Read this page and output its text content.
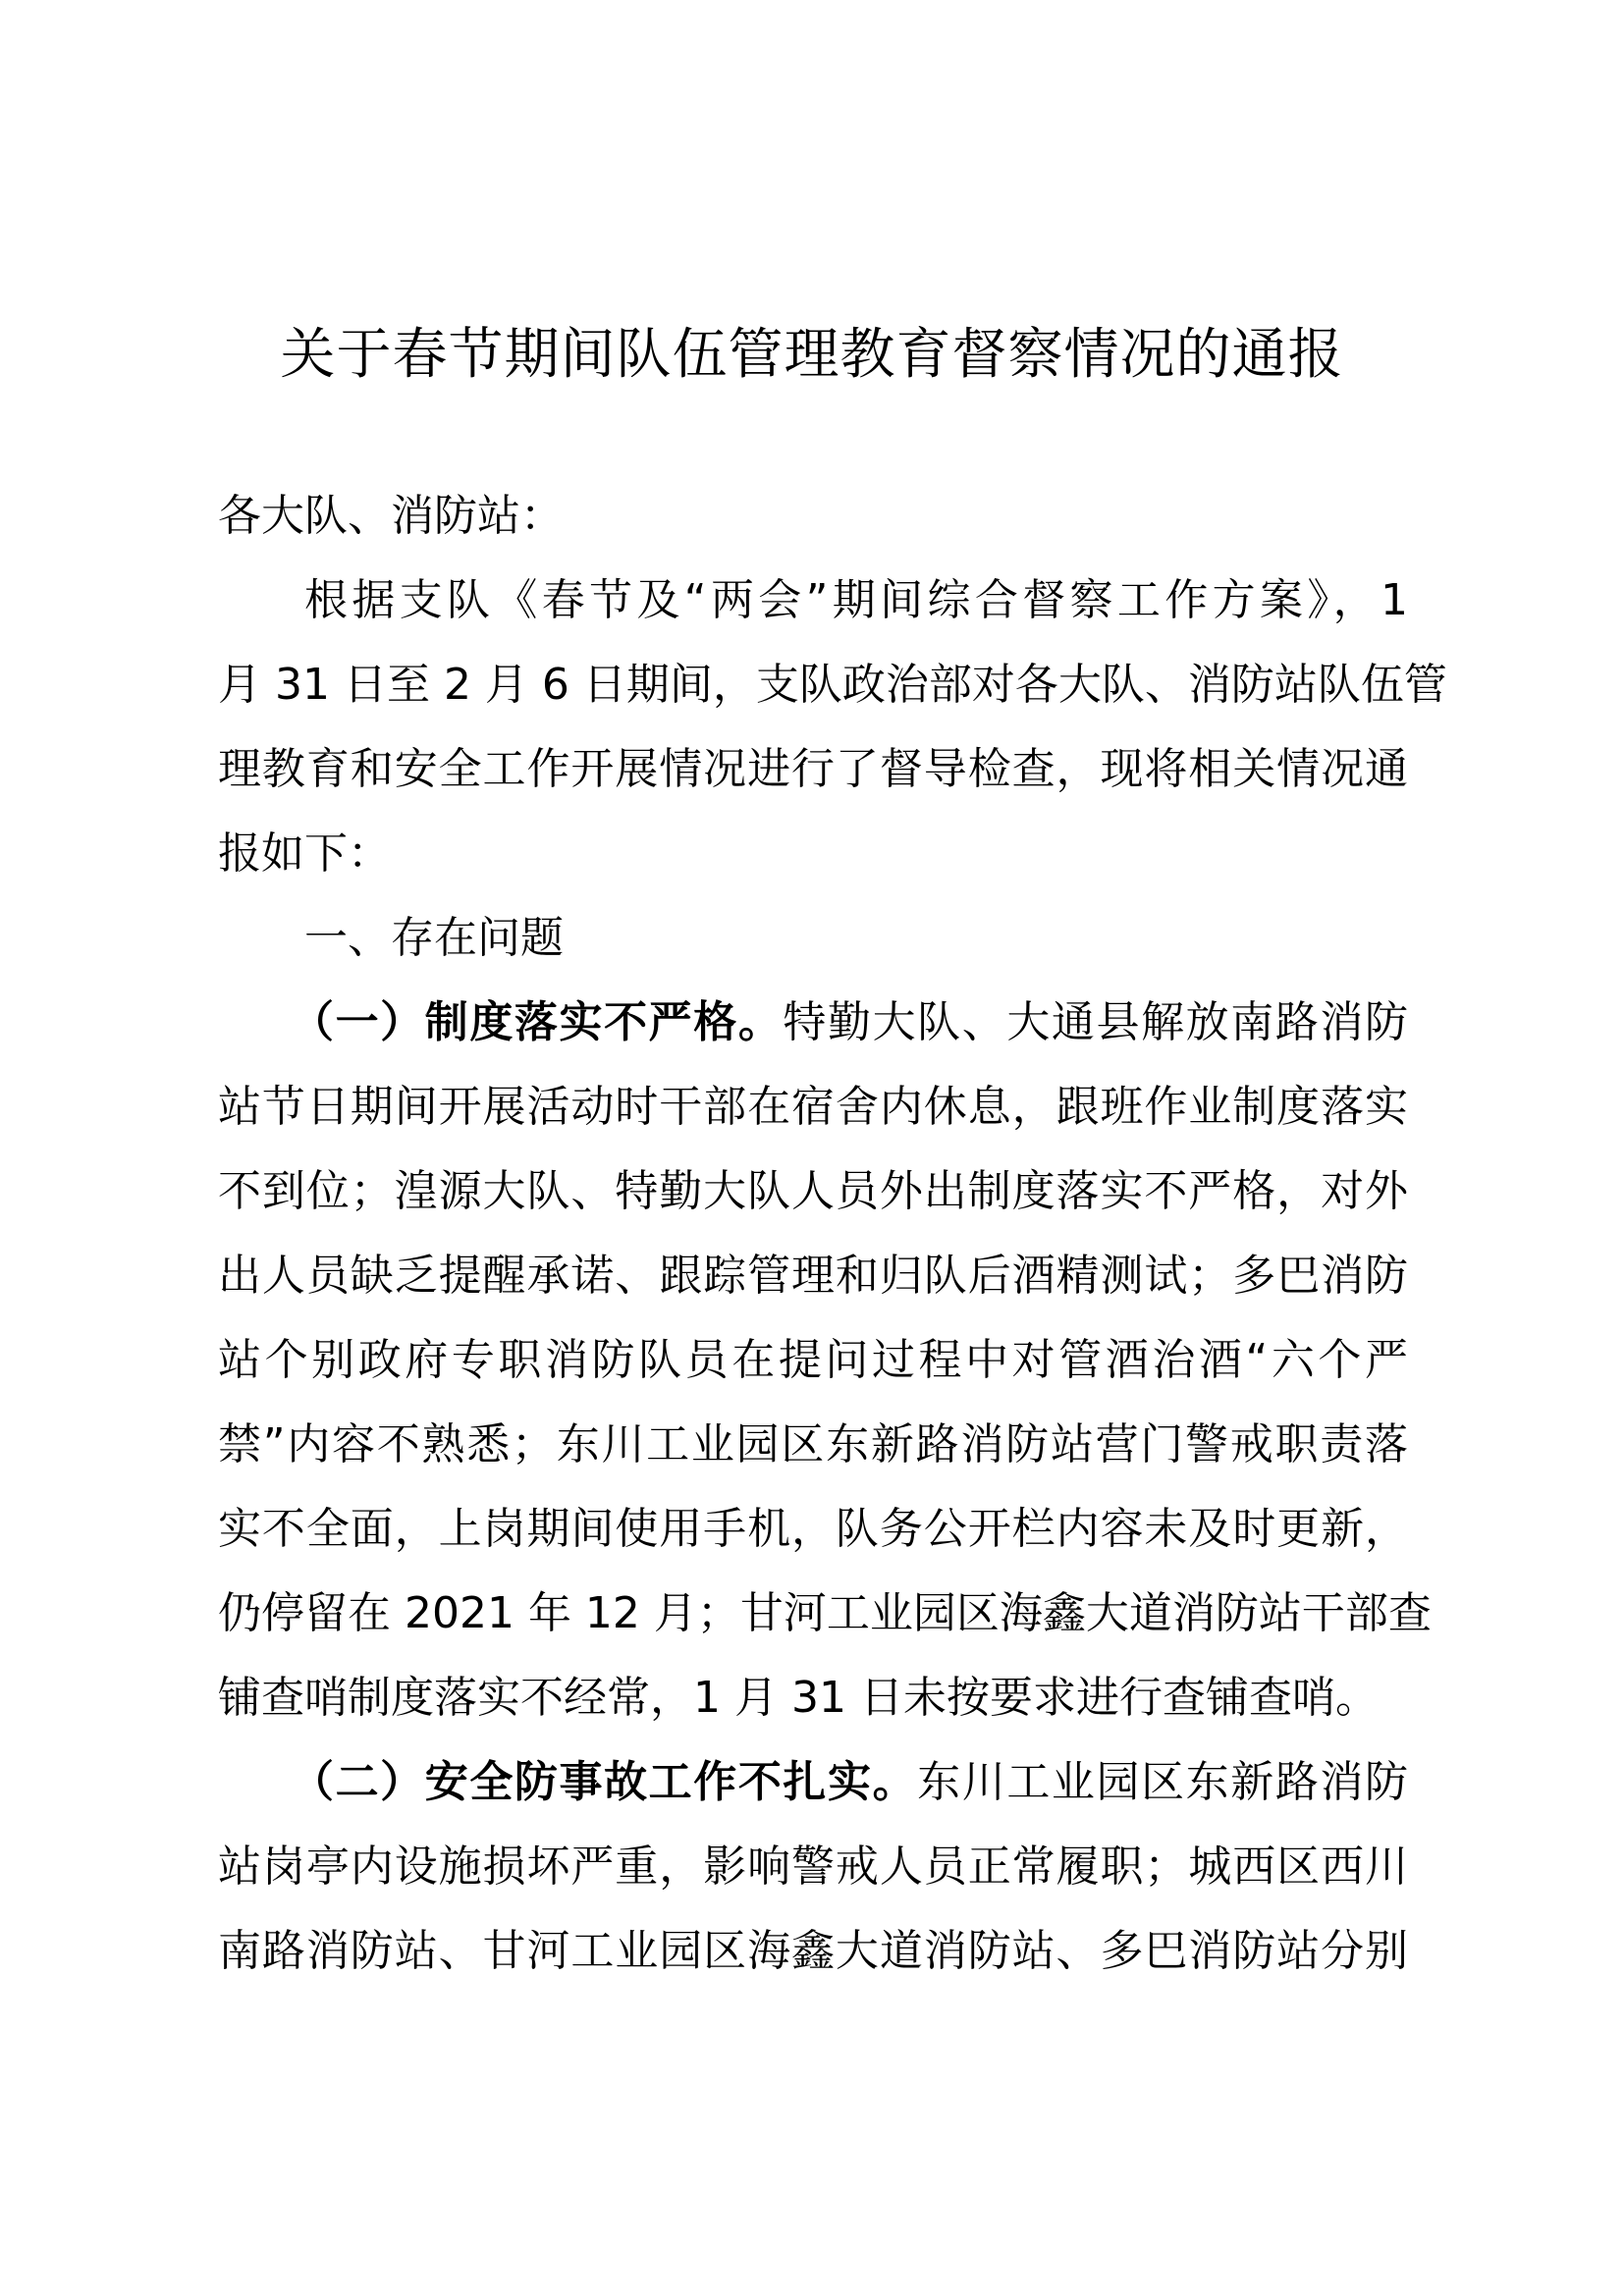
关于春节期间队伍管理教育督察情况的通报
各大队、消防站：
根据支队《春节及“两会”期间综合督察工作方案》，1
月 31 日至 2 月 6 日期间，支队政治部对各大队、消防站队伍管
理教育和安全工作开展情况进行了督导检查，现将相关情况通
报如下：
一、存在问题
（一）制度落实不严格。特勤大队、大通县解放南路消防
站节日期间开展活动时干部在宿舍内休息，跟班作业制度落实
不到位；湟源大队、特勤大队人员外出制度落实不严格，对外
出人员缺乏提醒承诺、跟踪管理和归队后酒精测试；多巴消防
站个别政府专职消防队员在提问过程中对管酒治酒“六个严
禁”内容不熟悉；东川工业园区东新路消防站营门警戒职责落
实不全面，上岗期间使用手机，队务公开栏内容未及时更新，
仍停留在 2021 年 12 月；甘河工业园区海鑫大道消防站干部查
铺查哨制度落实不经常，1 月 31 日未按要求进行查铺查哨。
（二）安全防事故工作不扎实。东川工业园区东新路消防
站岗亭内设施损坏严重，影响警戒人员正常履职；城西区西川
南路消防站、甘河工业园区海鑫大道消防站、多巴消防站分别
